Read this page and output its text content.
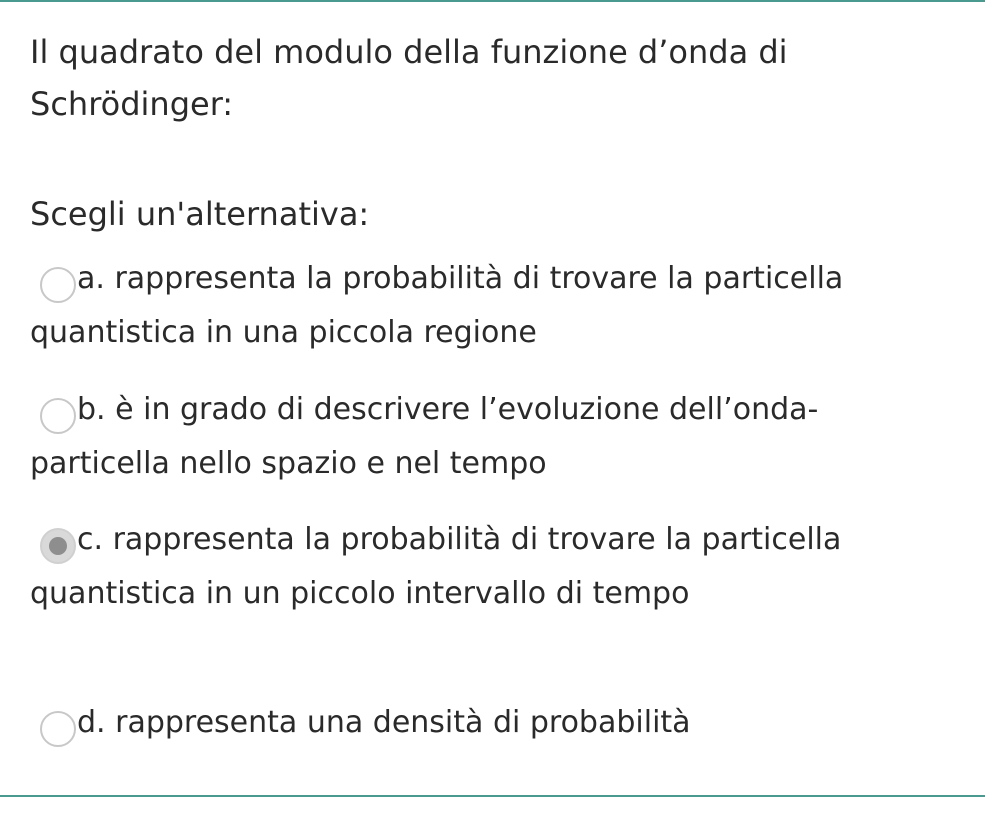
Il quadrato del modulo della funzione d’onda di Schrödinger:
Scegli un'alternativa:
a. rappresenta la probabilità di trovare la particella quantistica in una piccola regione
b. è in grado di descrivere l’evoluzione dell’onda-particella nello spazio e nel tempo
c. rappresenta la probabilità di trovare la particella quantistica in un piccolo intervallo di tempo
d. rappresenta una densità di probabilità
